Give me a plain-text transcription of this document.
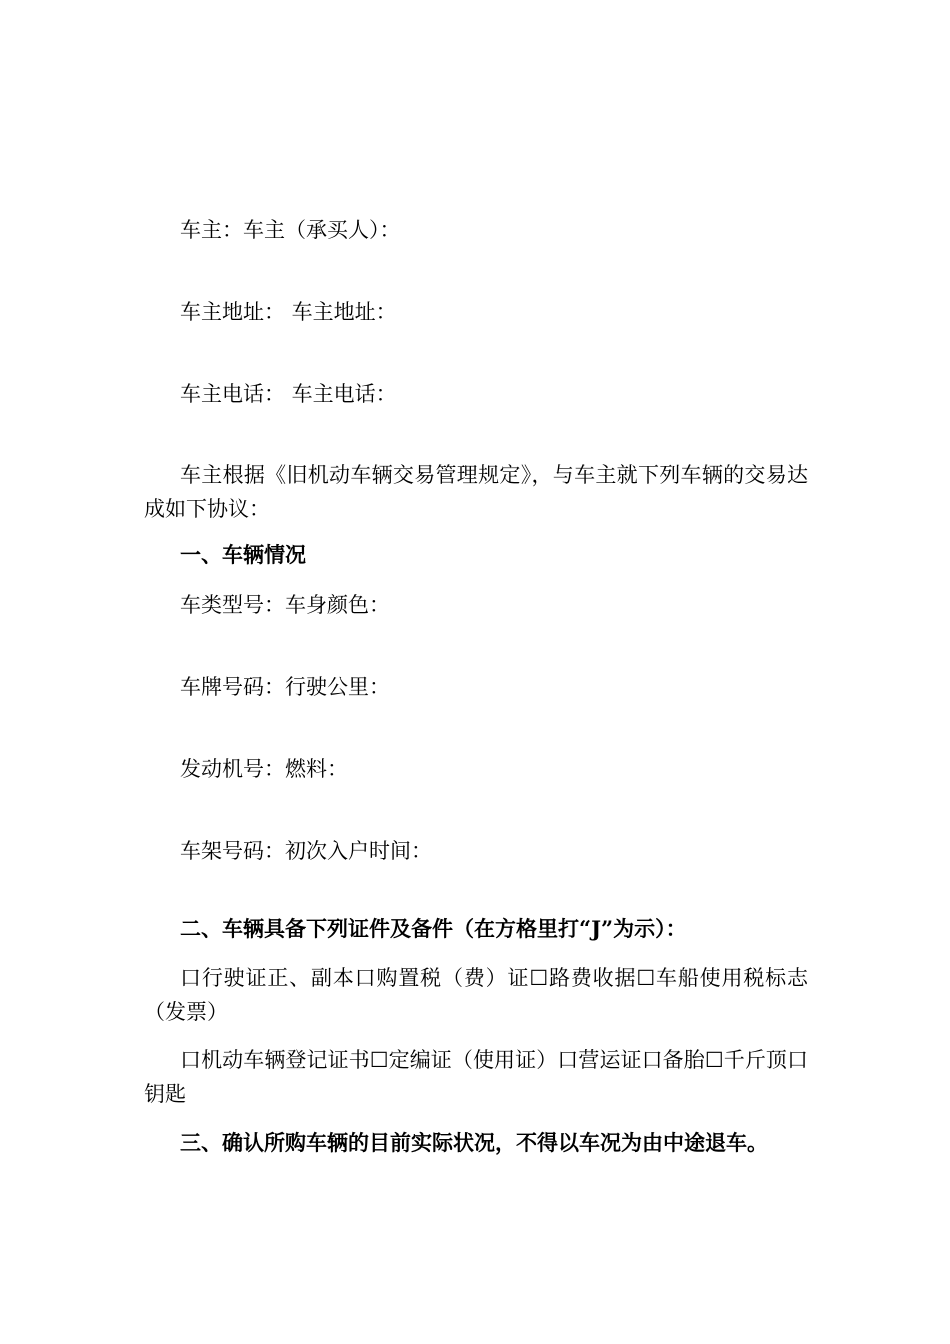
车主：车主（承买人）：
车主地址： 车主地址：
车主电话： 车主电话：
车主根据《旧机动车辆交易管理规定》，与车主就下列车辆的交易达成如下协议：
一、车辆情况
车类型号：车身颜色：
车牌号码：行驶公里：
发动机号：燃料：
车架号码：初次入户时间：
二、车辆具备下列证件及备件（在方格里打“J”为示）：
口行驶证正、副本口购置税（费）证☐路费收据☐车船使用税标志（发票）
口机动车辆登记证书☐定编证（使用证）口营运证口备胎☐千斤顶口钥匙
三、确认所购车辆的目前实际状况，不得以车况为由中途退车。
